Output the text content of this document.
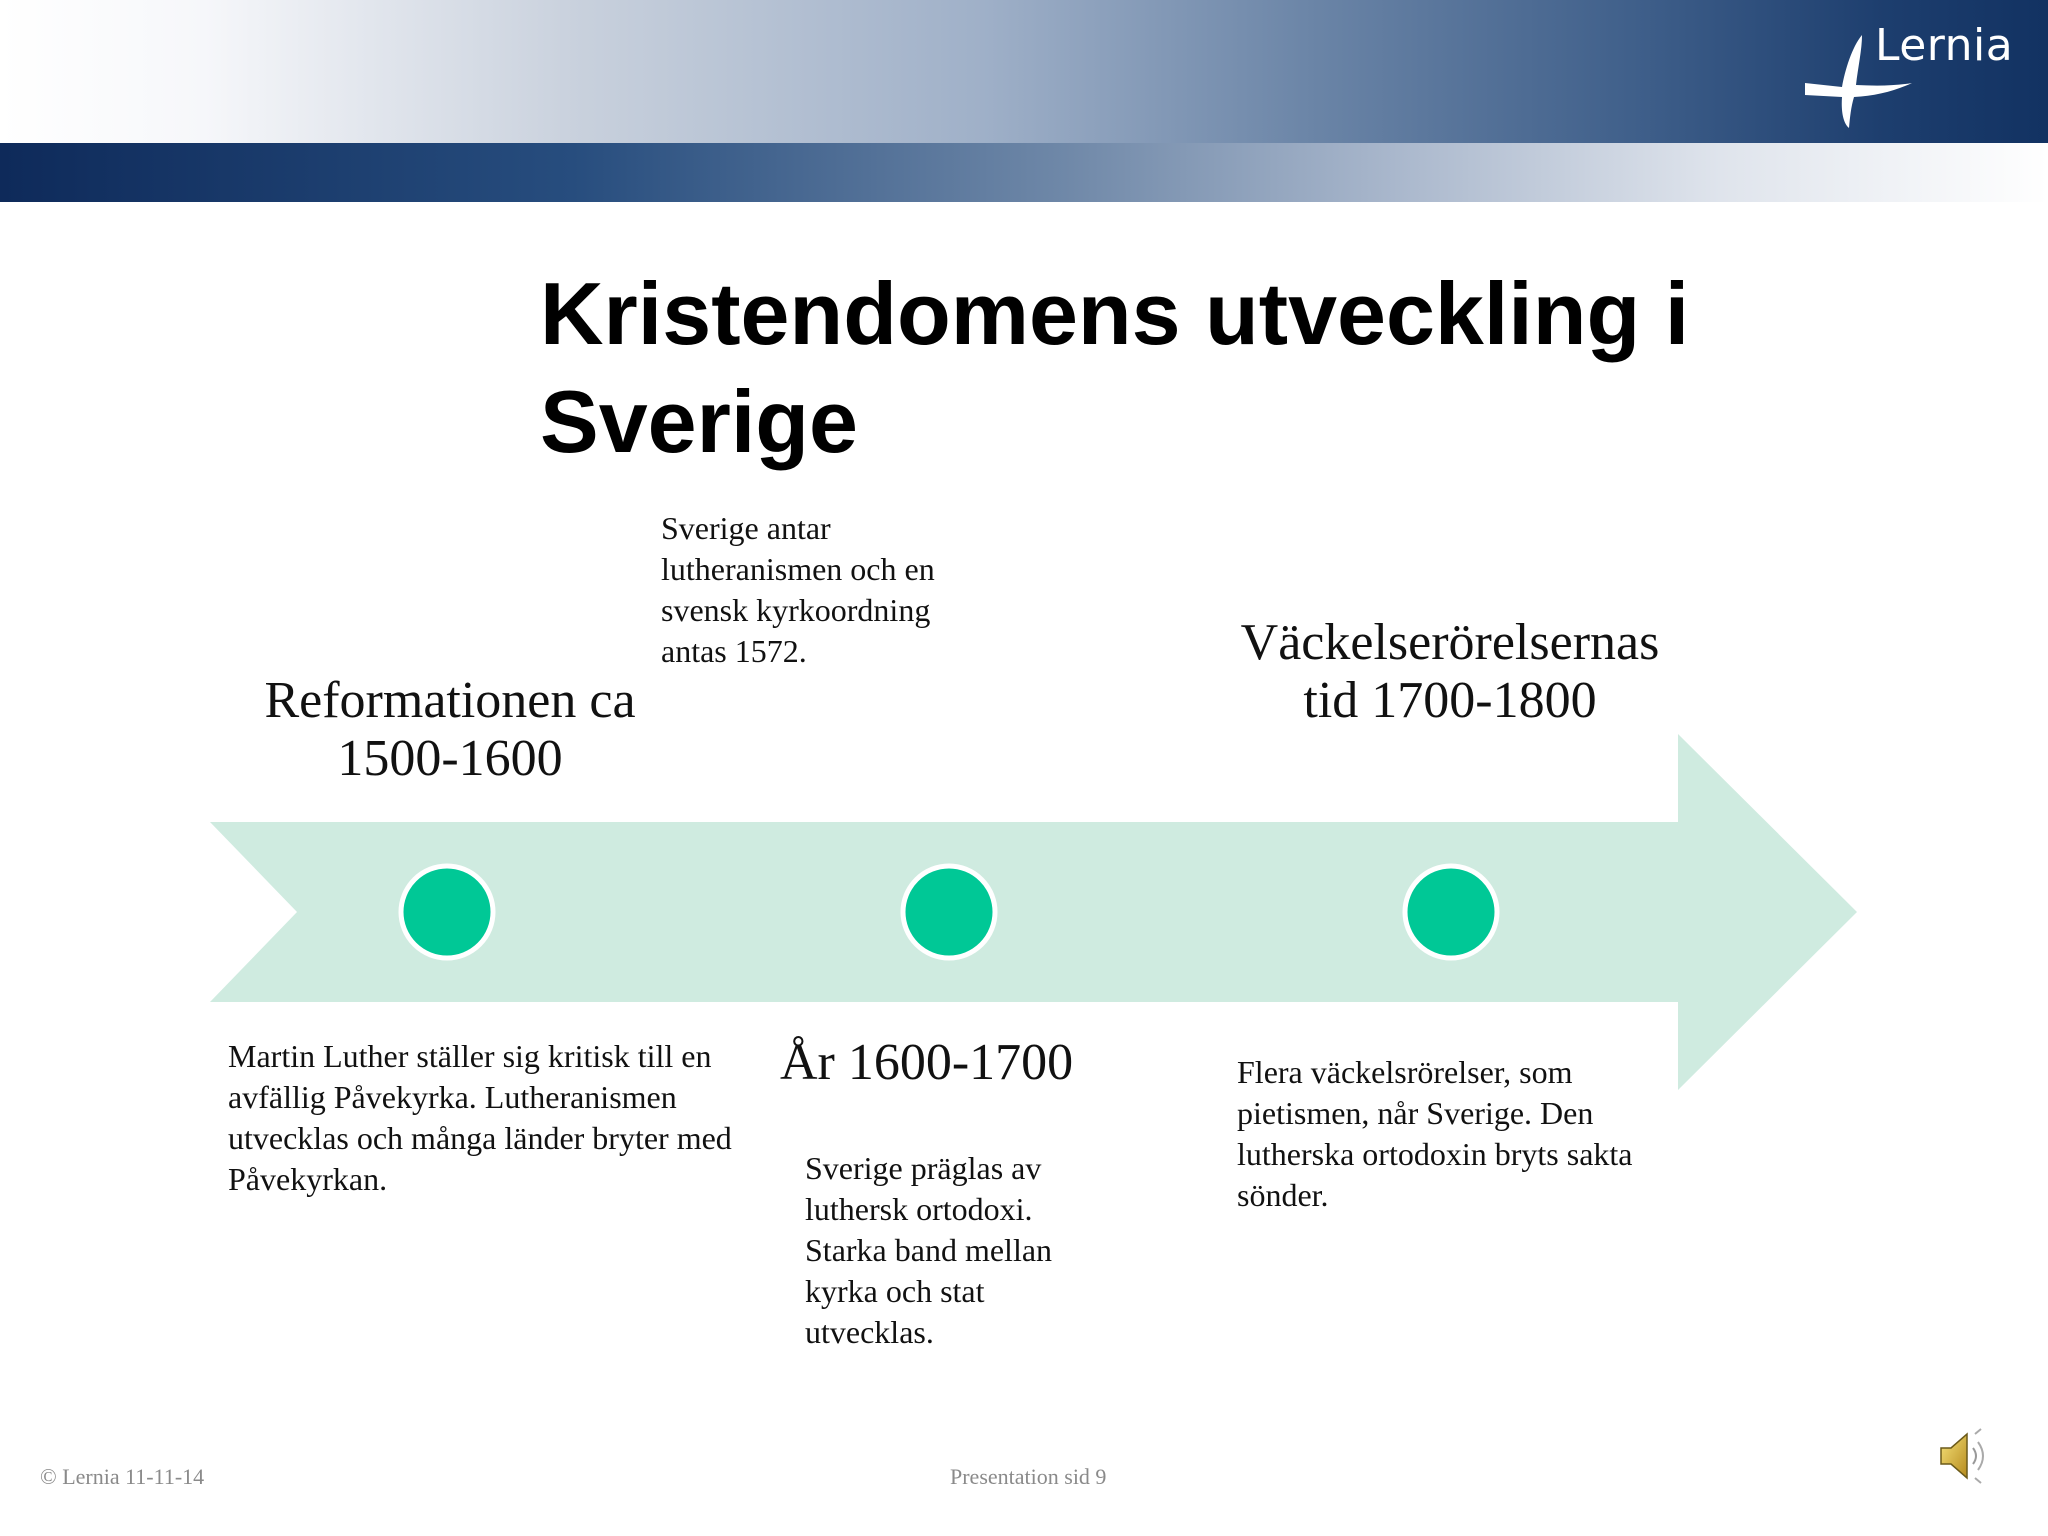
Lernia
Kristendomens utveckling i Sverige

Reformationen ca 1500-1600

Sverige antar lutheranismen och en svensk kyrkoordning antas 1572.	Väckelserörelsernas tid 1700-1800

Martin Luther ställer sig kritisk till en avfällig Påvekyrka. Lutheranismen utvecklas och många länder bryter med Påvekyrkan.

År 1600-1700

Sverige präglas av luthersk ortodoxi. Starka band mellan kyrka och stat utvecklas.

Flera väckelsrörelser, som pietismen, når Sverige. Den lutherska ortodoxin bryts sakta sönder.

© Lernia 11-11-14	Presentation sid 9
